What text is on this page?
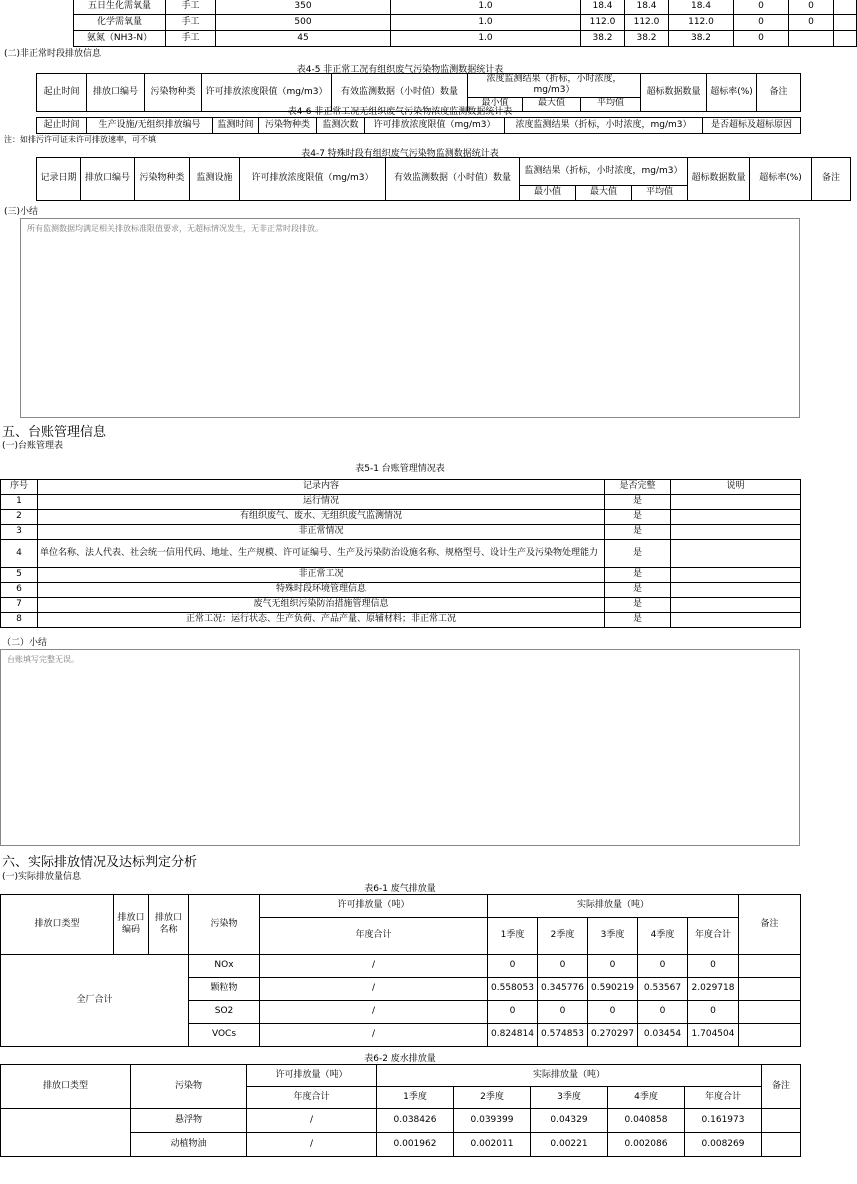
五日生化需氧量	手工	350	1.0	18.4	18.4	18.4	0	0	
化学需氧量	手工	500	1.0	112.0	112.0	112.0	0	0	
氨氮（NH3-N）	手工	45	1.0	38.2	38.2	38.2	0		
(二)非正常时段排放信息
表4-5 非正常工况有组织废气污染物监测数据统计表
起止时间	排放口编号	污染物种类	许可排放浓度限值（mg/m3）	有效监测数据（小时值）数量	浓度监测结果（折标，小时浓度，mg/m3）			超标数据数量	超标率(%)	备注
					最小值	最大值	平均值			
表4-6 非正常工况无组织废气污染物浓度监测数据统计表
起止时间	生产设施/无组织排放编号	监测时间	污染物种类	监测次数	许可排放浓度限值（mg/m3）	浓度监测结果（折标，小时浓度，mg/m3）	是否超标及超标原因
注：如排污许可证未许可排放速率，可不填
表4-7 特殊时段有组织废气污染物监测数据统计表
记录日期	排放口编号	污染物种类	监测设施	许可排放浓度限值（mg/m3）	有效监测数据（小时值）数量	监测结果（折标，小时浓度，mg/m3）			超标数据数量	超标率(%)	备注
						最小值	最大值	平均值			
(三)小结
所有监测数据均满足相关排放标准限值要求，无超标情况发生，无非正常时段排放。
五、台账管理信息
(一)台账管理表
表5-1 台账管理情况表
序号	记录内容	是否完整	说明
1	运行情况	是	
2	有组织废气、废水、无组织废气监测情况	是	
3	非正常情况	是	
4	单位名称、法人代表、社会统一信用代码、地址、生产规模、许可证编号、生产及污染防治设施名称、规格型号、设计生产及污染物处理能力	是	
5	非正常工况	是	
6	特殊时段环境管理信息	是	
7	废气无组织污染防治措施管理信息	是	
8	正常工况：运行状态、生产负荷、产品产量、原辅材料；非正常工况	是	
（二）小结
台账填写完整无误。
六、实际排放情况及达标判定分析
(一)实际排放量信息
表6-1 废气排放量
排放口类型	排放口编码	排放口名称	污染物	许可排放量（吨）	实际排放量（吨）					备注
				年度合计	1季度	2季度	3季度	4季度	年度合计	
全厂合计			NOx	/	0	0	0	0	0	
			颗粒物	/	0.558053	0.345776	0.590219	0.53567	2.029718	
			SO2	/	0	0	0	0	0	
			VOCs	/	0.824814	0.574853	0.270297	0.03454	1.704504	
表6-2 废水排放量
排放口类型	污染物	许可排放量（吨）	实际排放量（吨）					备注
		年度合计	1季度	2季度	3季度	4季度	年度合计	
	悬浮物	/	0.038426	0.039399	0.04329	0.040858	0.161973	
	动植物油	/	0.001962	0.002011	0.00221	0.002086	0.008269	
